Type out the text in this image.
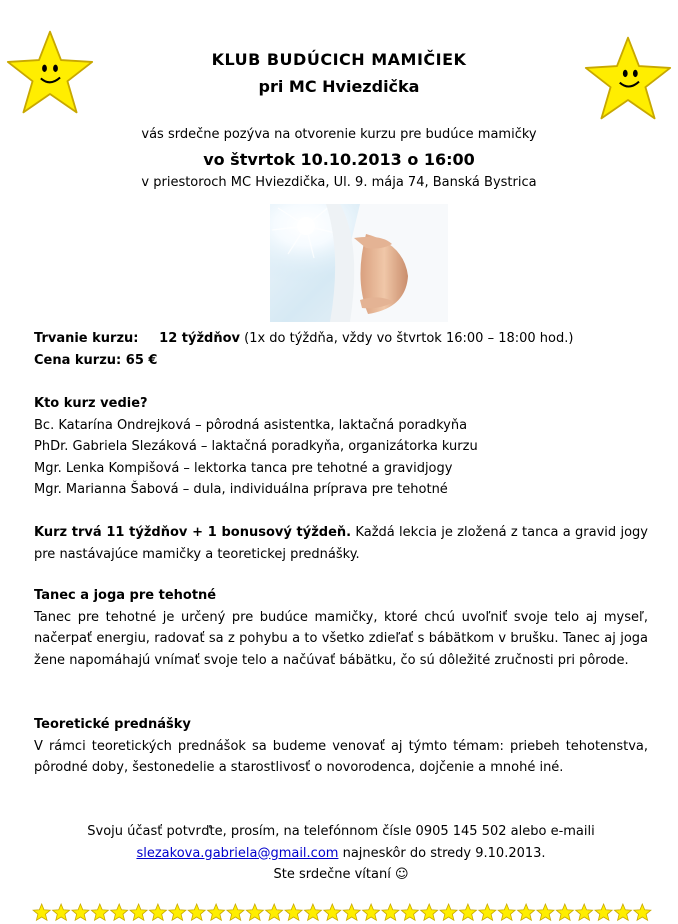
KLUB BUDÚCICH MAMIČIEK
pri MC Hviezdička
vás srdečne pozýva na otvorenie kurzu pre budúce mamičky
vo štvrtok 10.10.2013 o 16:00
v priestoroch MC Hviezdička, Ul. 9. mája 74, Banská Bystrica

Trvanie kurzu: 12 týždňov (1x do týždňa, vždy vo štvrtok 16:00 – 18:00 hod.)

Cena kurzu: 65 €

Kto kurz vedie?

Bc. Katarína Ondrejková – pôrodná asistentka, laktačná poradkyňa

PhDr. Gabriela Slezáková – laktačná poradkyňa, organizátorka kurzu

Mgr. Lenka Kompišová – lektorka tanca pre tehotné a gravidjogy

Mgr. Marianna Šabová – dula, individuálna príprava pre tehotné

Kurz trvá 11 týždňov + 1 bonusový týždeň. Každá lekcia je zložená z tanca a gravid jogy pre nastávajúce mamičky a teoretickej prednášky.

Tanec a joga pre tehotné

Tanec pre tehotné je určený pre budúce mamičky, ktoré chcú uvoľniť svoje telo aj myseľ, načerpať energiu, radovať sa z pohybu a to všetko zdieľať s bábätkom v brušku. Tanec aj joga žene napomáhajú vnímať svoje telo a načúvať bábätku, čo sú dôležité zručnosti pri pôrode.

Teoretické prednášky

V rámci teoretických prednášok sa budeme venovať aj týmto témam: priebeh tehotenstva, pôrodné doby, šestonedelie a starostlivosť o novorodenca, dojčenie a mnohé iné.

Svoju účasť potvrďte, prosím, na telefónnom čísle 0905 145 502 alebo e-maili

slezakova.gabriela@gmail.com najneskôr do stredy 9.10.2013.

Ste srdečne vítaní ☺
